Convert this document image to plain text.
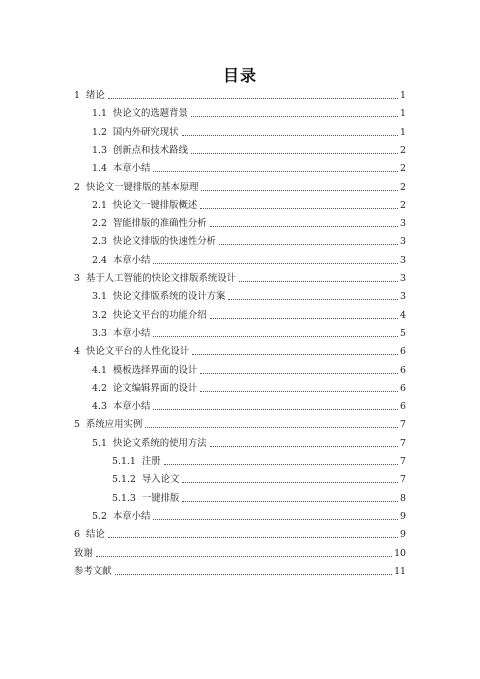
目录
1 绪论	1
1.1 快论文的选题背景	1
1.2 国内外研究现状	1
1.3 创新点和技术路线	2
1.4 本章小结	2
2 快论文一键排版的基本原理	2
2.1 快论文一键排版概述	2
2.2 智能排版的准确性分析	3
2.3 快论文排版的快速性分析	3
2.4 本章小结	3
3 基于人工智能的快论文排版系统设计	3
3.1 快论文排版系统的设计方案	3
3.2 快论文平台的功能介绍	4
3.3 本章小结	5
4 快论文平台的人性化设计	6
4.1 模板选择界面的设计	6
4.2 论文编辑界面的设计	6
4.3 本章小结	6
5 系统应用实例	7
5.1 快论文系统的使用方法	7
5.1.1 注册	7
5.1.2 导入论文	7
5.1.3 一键排版	8
5.2 本章小结	9
6 结论	9
致谢	10
参考文献	11
